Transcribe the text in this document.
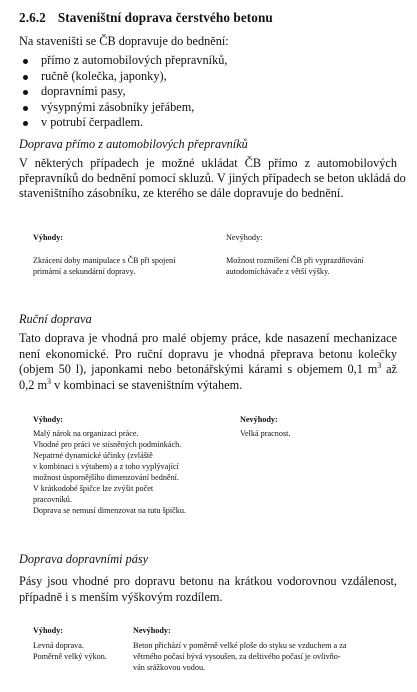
2.6.2 Staveništní doprava čerstvého betonu
Na staveništi se ČB dopravuje do bednění:
přímo z automobilových přepravníků,
ručně (kolečka, japonky),
dopravními pasy,
výsypnými zásobníky jeřábem,
v potrubí čerpadlem.
Doprava přímo z automobilových přepravníků
V některých případech je možné ukládat ČB přímo z automobilových
přepravníků do bednění pomocí skluzů. V jiných případech se beton ukládá do
staveništního zásobníku, ze kterého se dále dopravuje do bednění.
Výhody:
Zkrácení doby manipulace s ČB při spojení
primární a sekundární dopravy.
Nevýhody:
Možnost rozmíšení ČB při vyprazdňování
autodomíchávače z větší výšky.
Ruční doprava
Tato doprava je vhodná pro malé objemy práce, kde nasazení mechanizace
není ekonomické. Pro ruční dopravu je vhodná přeprava betonu kolečky
(objem 50 l), japonkami nebo betonářskými kárami s objemem 0,1 $m^3$ až
0,2 $m^3$ v kombinaci se staveništním výtahem.
Výhody:
Malý nárok na organizaci práce.
Vhodné pro práci ve stísněných podmínkách.
Nepatrné dynamické účinky (zvláště
v kombinaci s výtahem) a z toho vyplývající
možnost úspornějšího dimenzování bednění.
V krátkodobé špičce lze zvýšit počet
pracovníků.
Doprava se nemusí dimenzovat na tutu špičku.
Nevýhody:
Velká pracnost.
Doprava dopravními pásy
Pásy jsou vhodné pro dopravu betonu na krátkou vodorovnou vzdálenost,
případně i s menším výškovým rozdílem.
Výhody:
Levná doprava.
Poměrně velký výkon.
Nevýhody:
Beton přichází v poměrně velké ploše do styku se vzduchem a za
větrného počasí bývá vysoušen, za deštivého počasí je ovlivňo-
ván srážkovou vodou.
